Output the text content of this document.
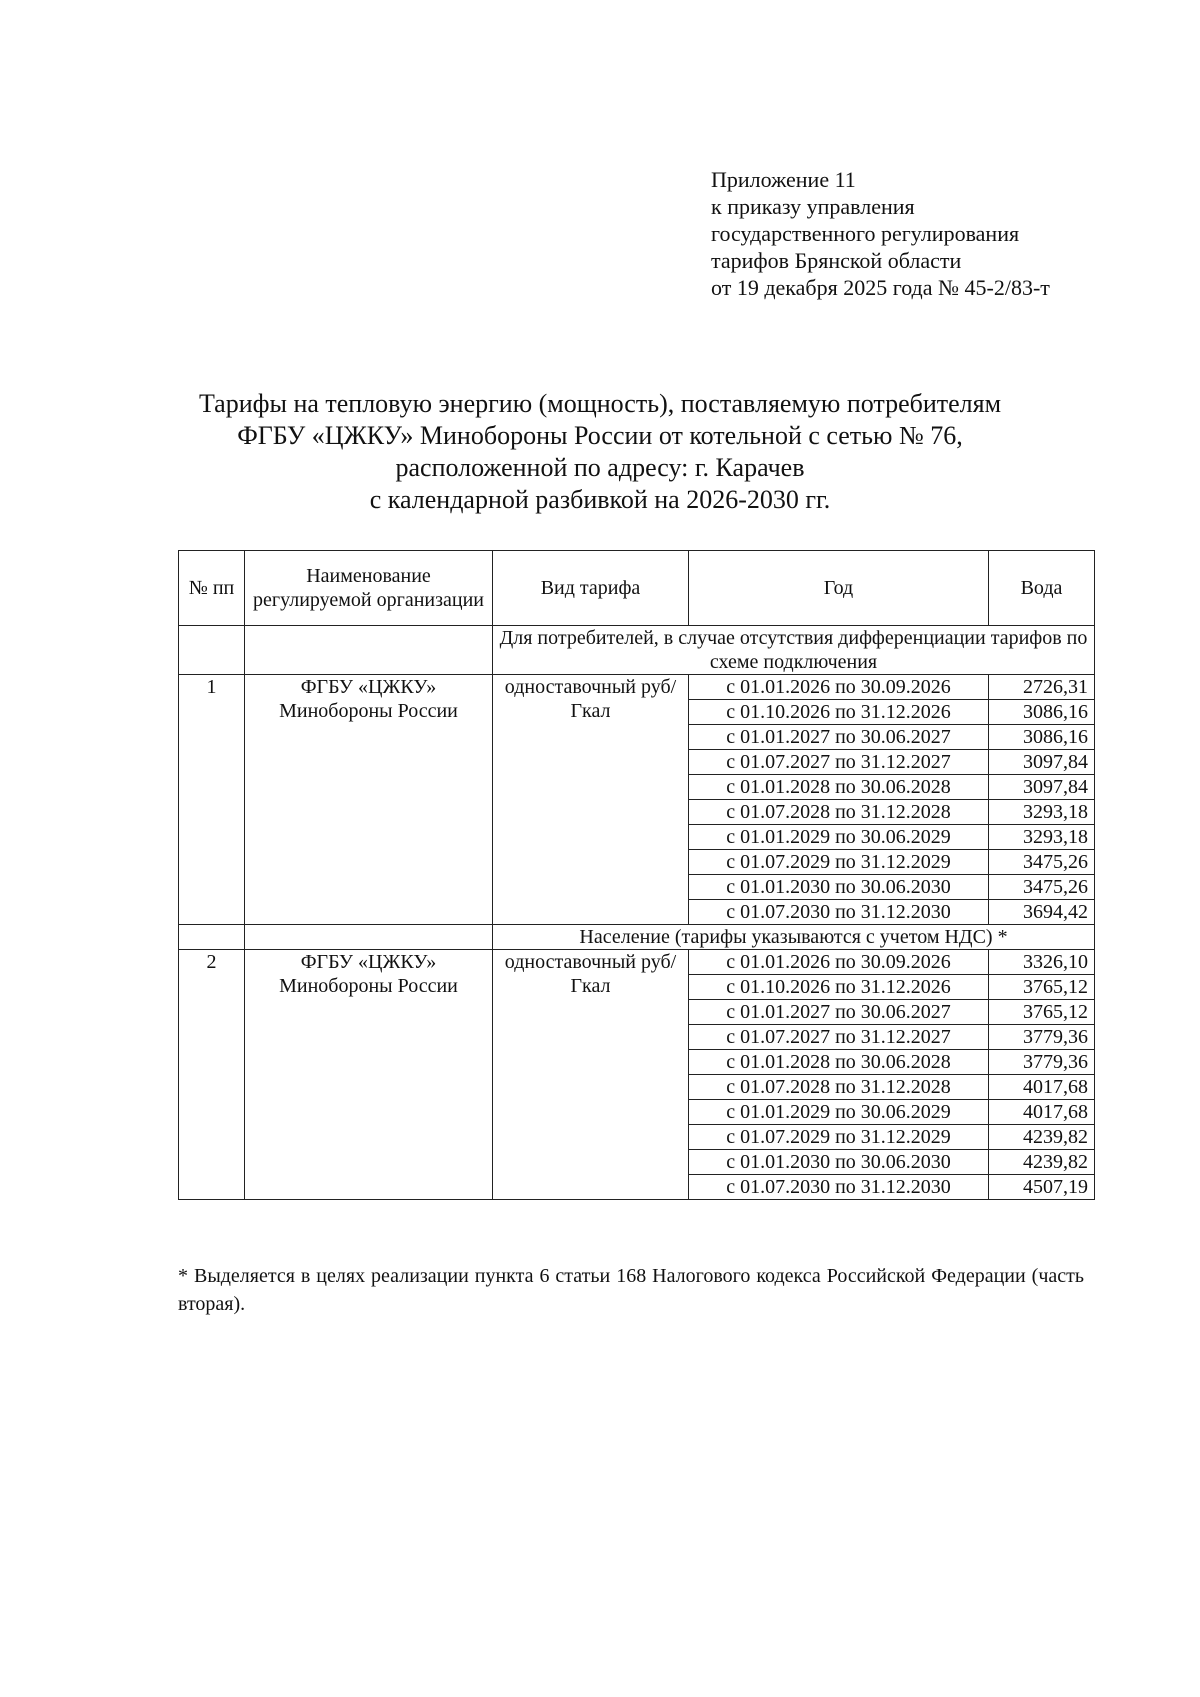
Приложение 11
к приказу управления
государственного регулирования
тарифов Брянской области
от 19 декабря 2025 года № 45-2/83-т
Тарифы на тепловую энергию (мощность), поставляемую потребителям
ФГБУ «ЦЖКУ» Минобороны России от котельной с сетью № 76,
расположенной по адресу: г. Карачев
с календарной разбивкой на 2026-2030 гг.
№ пп	Наименование регулируемой организации	Вид тарифа	Год	Вода
		Для потребителей, в случае отсутствия дифференциации тарифов по схеме подключения		
1	ФГБУ «ЦЖКУ» Минобороны России	одноставочный руб/Гкал	с 01.01.2026 по 30.09.2026	2726,31
			с 01.10.2026 по 31.12.2026	3086,16
			с 01.01.2027 по 30.06.2027	3086,16
			с 01.07.2027 по 31.12.2027	3097,84
			с 01.01.2028 по 30.06.2028	3097,84
			с 01.07.2028 по 31.12.2028	3293,18
			с 01.01.2029 по 30.06.2029	3293,18
			с 01.07.2029 по 31.12.2029	3475,26
			с 01.01.2030 по 30.06.2030	3475,26
			с 01.07.2030 по 31.12.2030	3694,42
		Население (тарифы указываются с учетом НДС) *		
2	ФГБУ «ЦЖКУ» Минобороны России	одноставочный руб/Гкал	с 01.01.2026 по 30.09.2026	3326,10
			с 01.10.2026 по 31.12.2026	3765,12
			с 01.01.2027 по 30.06.2027	3765,12
			с 01.07.2027 по 31.12.2027	3779,36
			с 01.01.2028 по 30.06.2028	3779,36
			с 01.07.2028 по 31.12.2028	4017,68
			с 01.01.2029 по 30.06.2029	4017,68
			с 01.07.2029 по 31.12.2029	4239,82
			с 01.01.2030 по 30.06.2030	4239,82
			с 01.07.2030 по 31.12.2030	4507,19
* Выделяется в целях реализации пункта 6 статьи 168 Налогового кодекса Российской Федерации (часть вторая).
